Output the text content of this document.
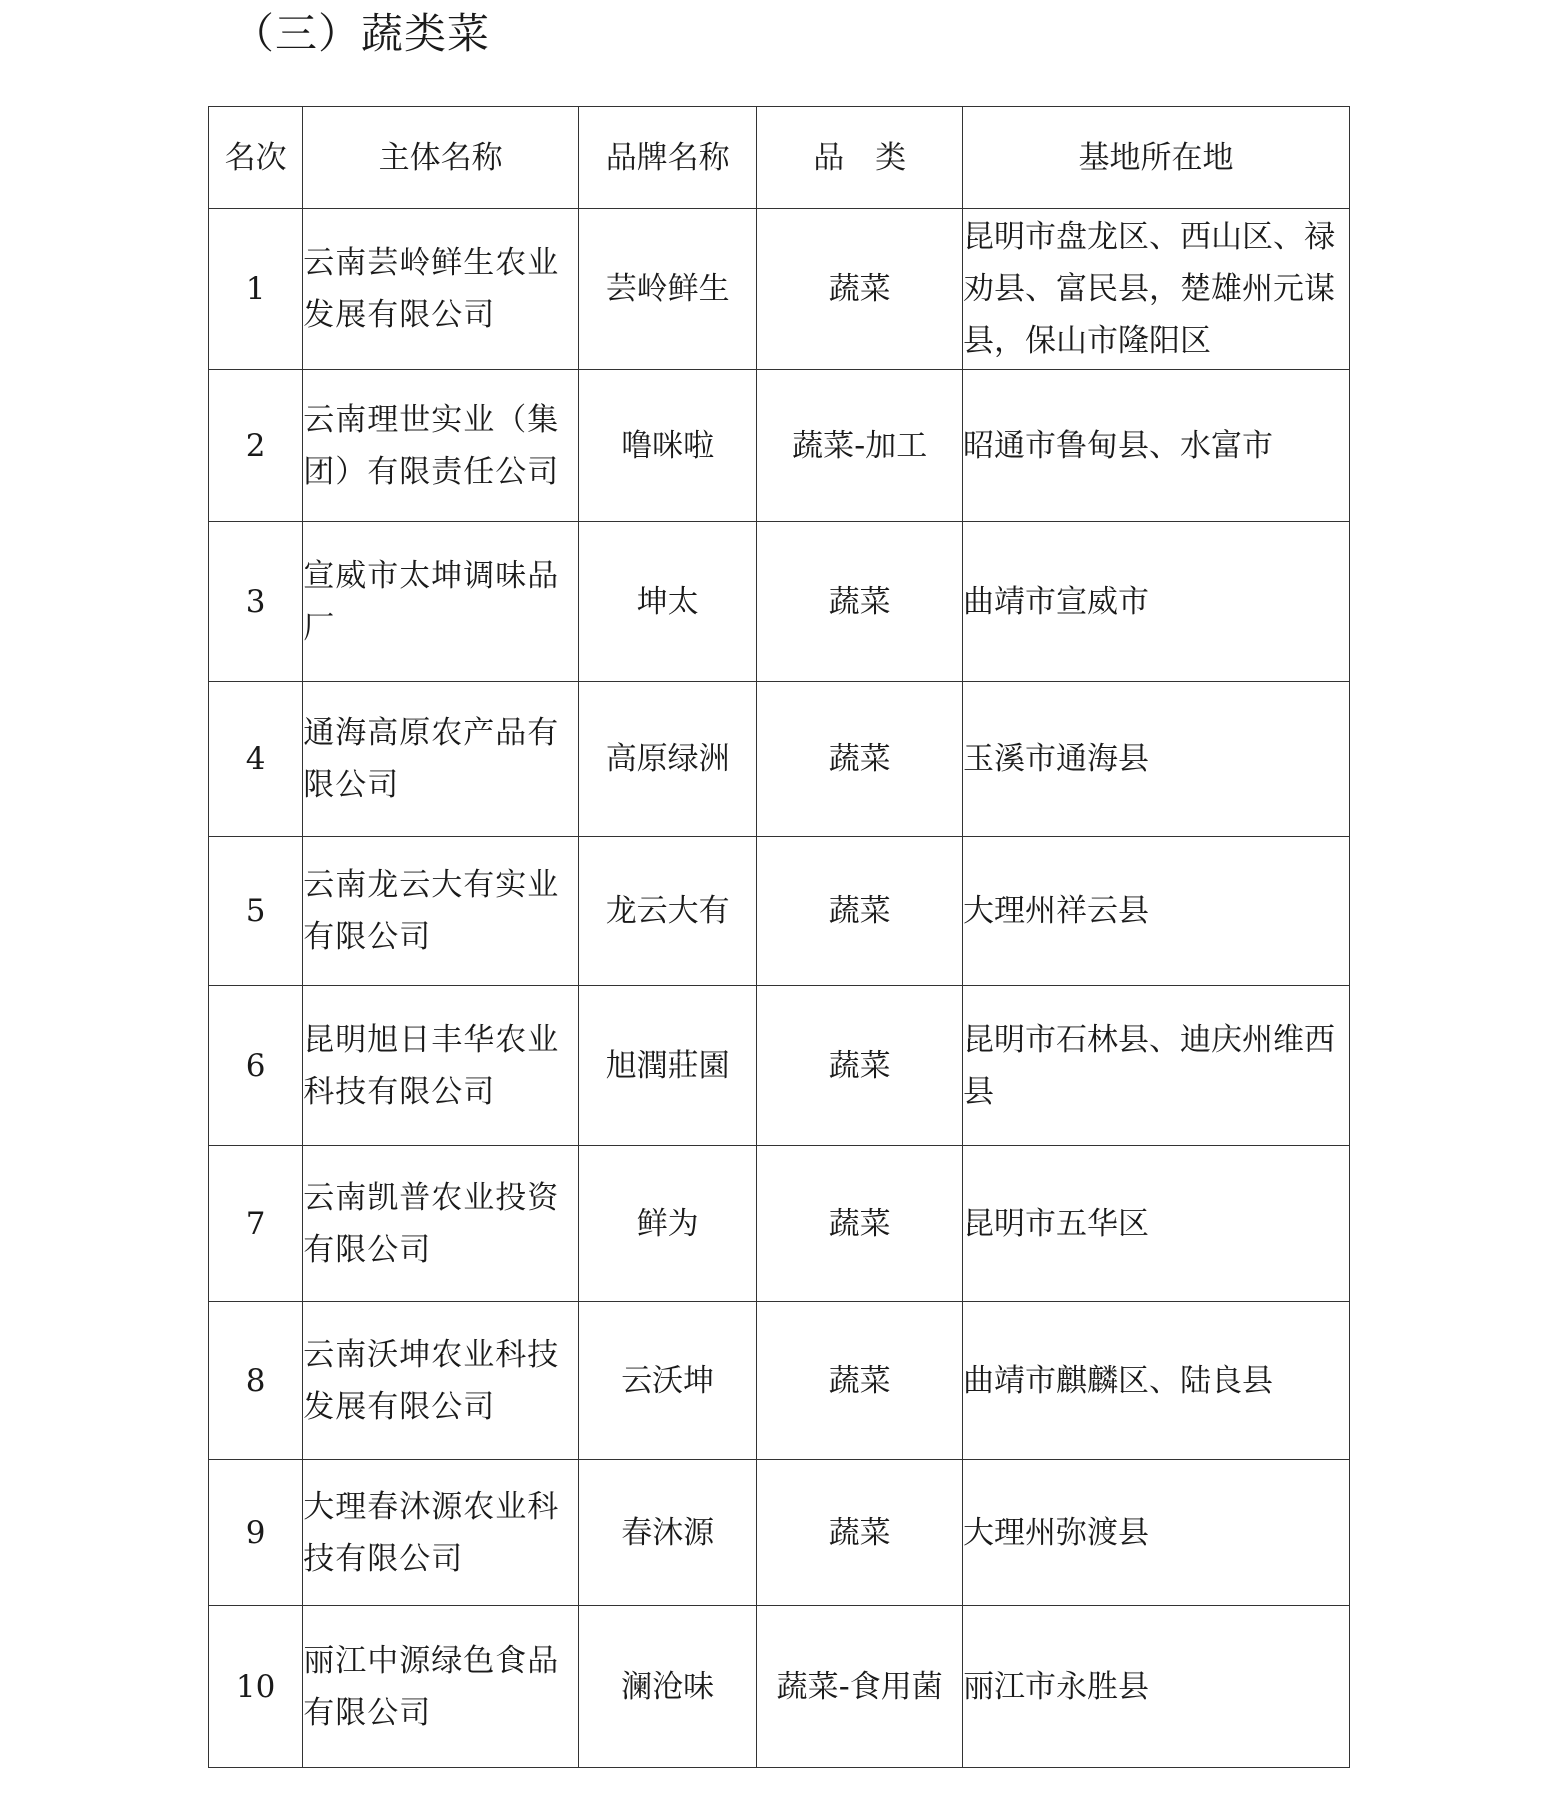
（三）蔬类菜
名次	主体名称	品牌名称	品　类	基地所在地
1	云南芸岭鲜生农业发展有限公司	芸岭鲜生	蔬菜	昆明市盘龙区、西山区、禄劝县、富民县，楚雄州元谋县，保山市隆阳区
2	云南理世实业（集团）有限责任公司	噜咪啦	蔬菜-加工	昭通市鲁甸县、水富市
3	宣威市太坤调味品厂	坤太	蔬菜	曲靖市宣威市
4	通海高原农产品有限公司	高原绿洲	蔬菜	玉溪市通海县
5	云南龙云大有实业有限公司	龙云大有	蔬菜	大理州祥云县
6	昆明旭日丰华农业科技有限公司	旭潤莊園	蔬菜	昆明市石林县、迪庆州维西县
7	云南凯普农业投资有限公司	鲜为	蔬菜	昆明市五华区
8	云南沃坤农业科技发展有限公司	云沃坤	蔬菜	曲靖市麒麟区、陆良县
9	大理春沐源农业科技有限公司	春沐源	蔬菜	大理州弥渡县
10	丽江中源绿色食品有限公司	澜沧味	蔬菜-食用菌	丽江市永胜县
